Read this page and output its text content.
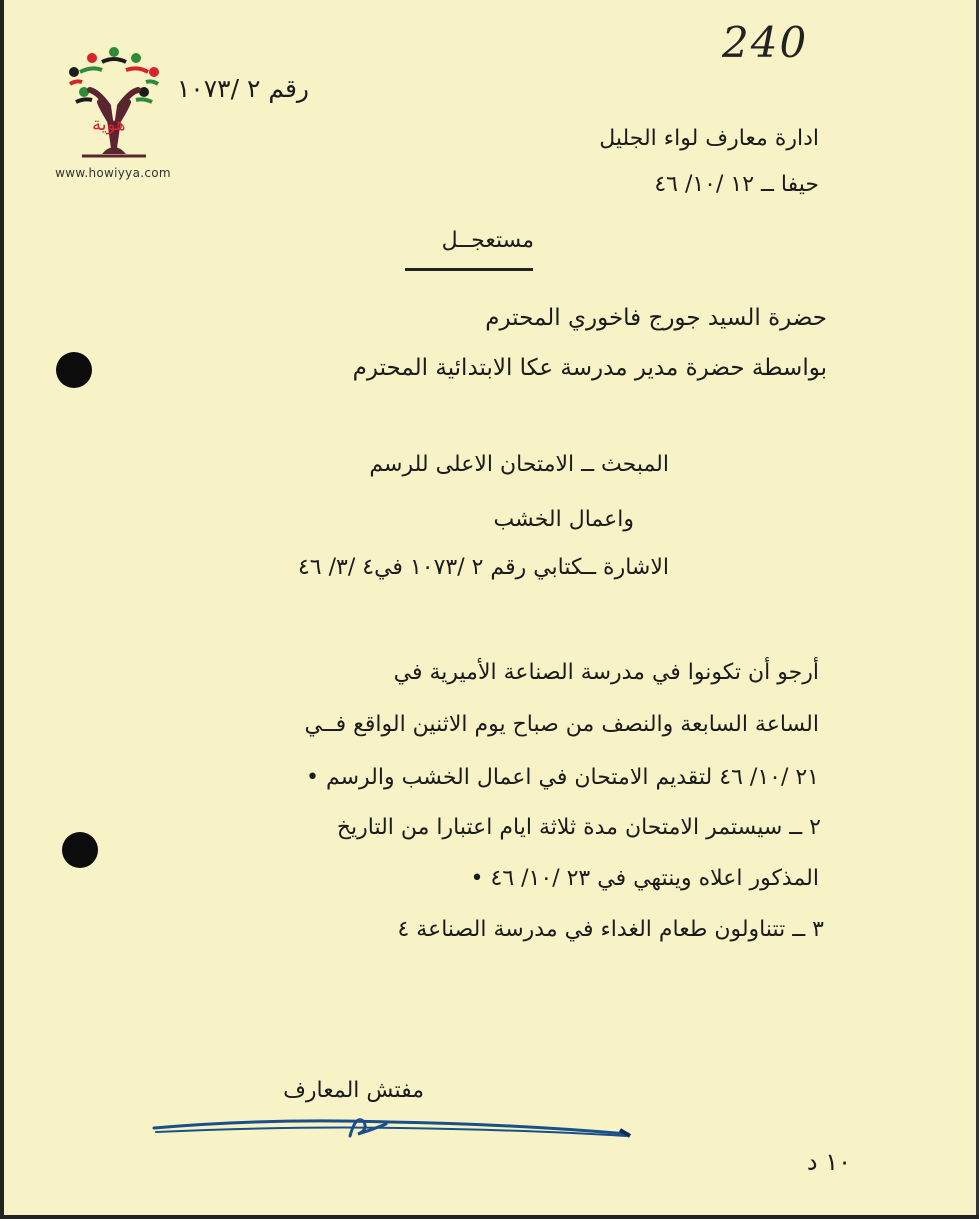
هوية
www.howiyya.com
240
رقم ٢ /١٠٧٣
ادارة معارف لواء الجليل
حيفا ــ ١٢ /١٠/ ٤٦
مستعجــل
حضرة السيد جورج فاخوري المحترم
بواسطة حضرة مدير مدرسة عكا الابتدائية المحترم
المبحث ــ الامتحان الاعلى للرسم
واعمال الخشب
الاشارة ــكتابي رقم ٢ /١٠٧٣ في٤ /٣/ ٤٦
أرجو أن تكونوا في مدرسة الصناعة الأميرية في
الساعة السابعة والنصف من صباح يوم الاثنين الواقع فــي
٢١ /١٠/ ٤٦ لتقديم الامتحان في اعمال الخشب والرسم •
٢ ــ سيستمر الامتحان مدة ثلاثة ايام اعتبارا من التاريخ
المذكور اعلاه وينتهي في ٢٣ /١٠/ ٤٦ •
٣ ــ تتناولون طعام الغداء في مدرسة الصناعة ٤
مفتش المعارف
١٠ د
